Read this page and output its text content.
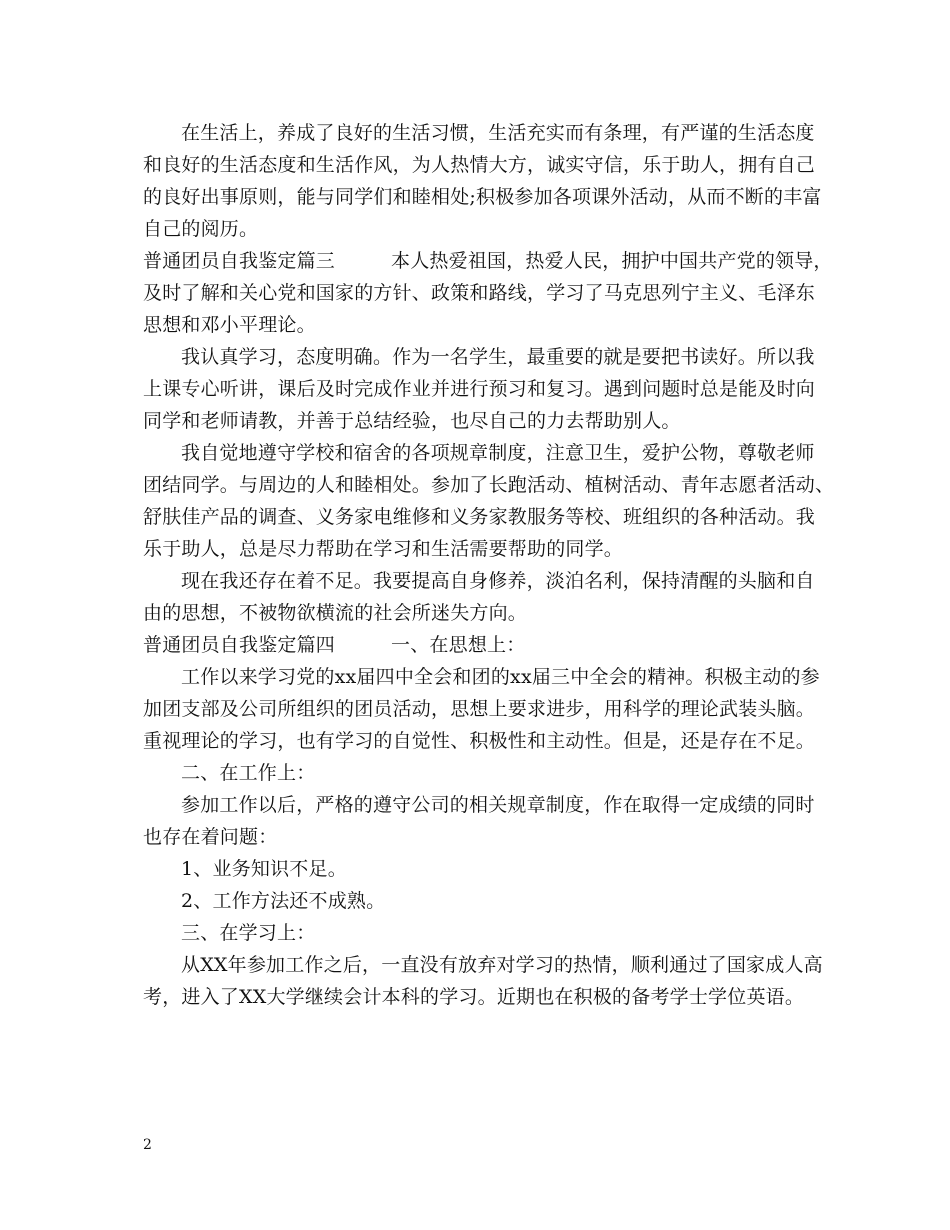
在生活上，养成了良好的生活习惯，生活充实而有条理，有严谨的生活态度
和良好的生活态度和生活作风，为人热情大方，诚实守信，乐于助人，拥有自己
的良好出事原则，能与同学们和睦相处;积极参加各项课外活动，从而不断的丰富
自己的阅历。
普通团员自我鉴定篇三	本人热爱祖国，热爱人民，拥护中国共产党的领导，
及时了解和关心党和国家的方针、政策和路线，学习了马克思列宁主义、毛泽东
思想和邓小平理论。
我认真学习，态度明确。作为一名学生，最重要的就是要把书读好。所以我
上课专心听讲，课后及时完成作业并进行预习和复习。遇到问题时总是能及时向
同学和老师请教，并善于总结经验，也尽自己的力去帮助别人。
我自觉地遵守学校和宿舍的各项规章制度，注意卫生，爱护公物，尊敬老师
团结同学。与周边的人和睦相处。参加了长跑活动、植树活动、青年志愿者活动、
舒肤佳产品的调查、义务家电维修和义务家教服务等校、班组织的各种活动。我
乐于助人，总是尽力帮助在学习和生活需要帮助的同学。
现在我还存在着不足。我要提高自身修养，淡泊名利，保持清醒的头脑和自
由的思想，不被物欲横流的社会所迷失方向。
普通团员自我鉴定篇四	一、在思想上：
工作以来学习党的xx届四中全会和团的xx届三中全会的精神。积极主动的参
加团支部及公司所组织的团员活动，思想上要求进步，用科学的理论武装头脑。
重视理论的学习，也有学习的自觉性、积极性和主动性。但是，还是存在不足。
二、在工作上：
参加工作以后，严格的遵守公司的相关规章制度，作在取得一定成绩的同时
也存在着问题：
1、业务知识不足。
2、工作方法还不成熟。
三、在学习上：
从XX年参加工作之后，一直没有放弃对学习的热情，顺利通过了国家成人高
考，进入了XX大学继续会计本科的学习。近期也在积极的备考学士学位英语。
2
